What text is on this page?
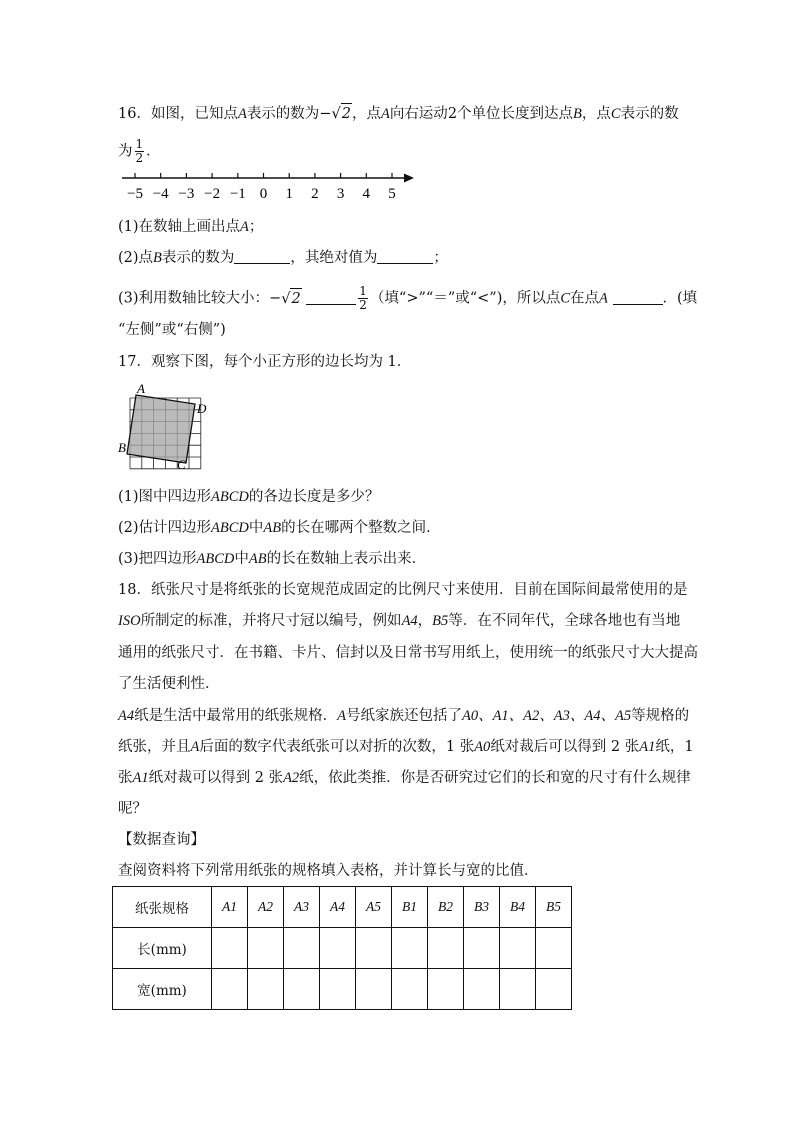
16．如图，已知点A表示的数为−√2，点A向右运动2个单位长度到达点B，点C表示的数
为 $\frac{1}{2}$ ．
−5 −4 −3 −2 −1 0 1 2 3 4 5
(1)在数轴上画出点A；
(2)点B表示的数为	，其绝对值为	；
(3)利用数轴比较大小：−√2	$\frac{1}{2}$ （填“>”“＝”或“<”)，所以点C在点A	．(填
“左侧”或“右侧”)
17．观察下图，每个小正方形的边长均为 1．
A
D
B
C
(1)图中四边形ABCD的各边长度是多少？
(2)估计四边形ABCD中AB的长在哪两个整数之间．
(3)把四边形ABCD中AB的长在数轴上表示出来．
18．纸张尺寸是将纸张的长宽规范成固定的比例尺寸来使用．目前在国际间最常使用的是
ISO所制定的标准，并将尺寸冠以编号，例如A4，B5等．在不同年代，全球各地也有当地
通用的纸张尺寸．在书籍、卡片、信封以及日常书写用纸上，使用统一的纸张尺寸大大提高
了生活便利性．
A4纸是生活中最常用的纸张规格．A号纸家族还包括了A0、A1、A2、A3、A4、A5等规格的
纸张，并且A后面的数字代表纸张可以对折的次数，1 张A0纸对裁后可以得到 2 张A1纸，1
张A1纸对裁可以得到 2 张A2纸，依此类推．你是否研究过它们的长和宽的尺寸有什么规律
呢？
【数据查询】
查阅资料将下列常用纸张的规格填入表格，并计算长与宽的比值．
纸张规格	A1	A2	A3	A4	A5	B1	B2	B3	B4	B5
长(mm)										
宽(mm)										
